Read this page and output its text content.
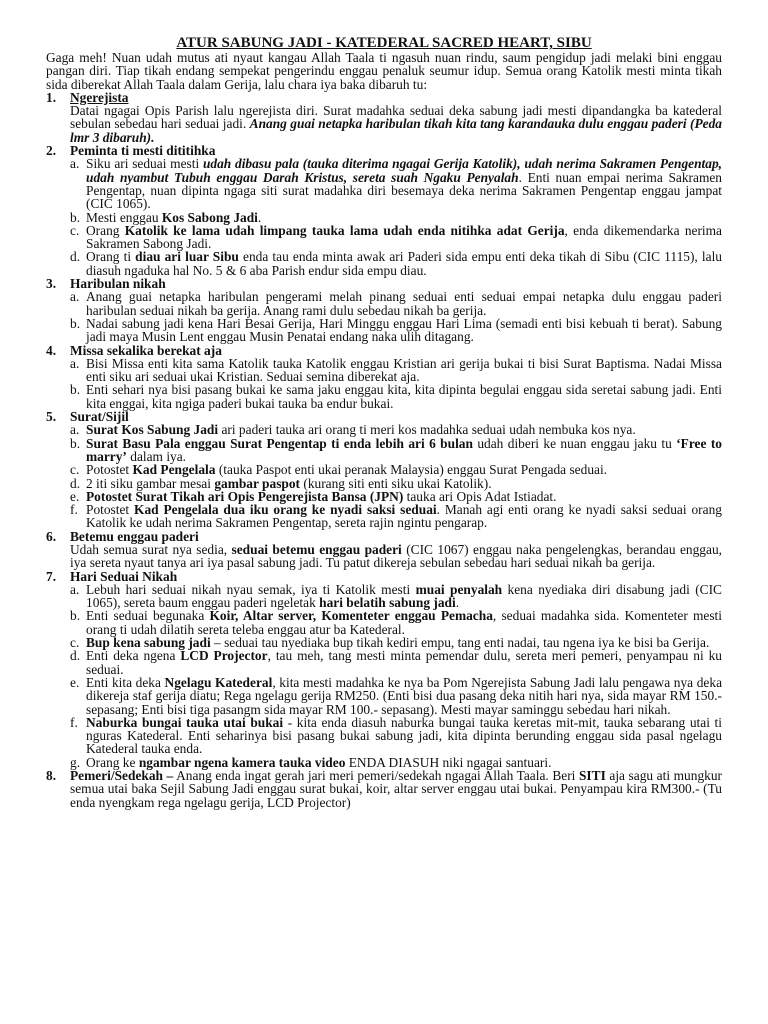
ATUR SABUNG JADI - KATEDERAL SACRED HEART, SIBU
Gaga meh! Nuan udah mutus ati nyaut kangau Allah Taala ti ngasuh nuan rindu, saum pengidup jadi melaki bini enggau pangan diri. Tiap tikah endang sempekat pengerindu enggau penaluk seumur idup. Semua orang Katolik mesti minta tikah sida diberekat Allah Taala dalam Gerija, lalu chara iya baka dibaruh tu:
1. Ngerejista
Datai ngagai Opis Parish lalu ngerejista diri. Surat madahka seduai deka sabung jadi mesti dipandangka ba katederal sebulan sebedau hari seduai jadi. Anang guai netapka haribulan tikah kita tang karandauka dulu enggau paderi (Peda lmr 3 dibaruh).
2. Peminta ti mesti dititihka
a. Siku ari seduai mesti udah dibasu pala (tauka diterima ngagai Gerija Katolik), udah nerima Sakramen Pengentap, udah nyambut Tubuh enggau Darah Kristus, sereta suah Ngaku Penyalah. Enti nuan empai nerima Sakramen Pengentap, nuan dipinta ngaga siti surat madahka diri besemaya deka nerima Sakramen Pengentap enggau jampat (CIC 1065).
b. Mesti enggau Kos Sabong Jadi.
c. Orang Katolik ke lama udah limpang tauka lama udah enda nitihka adat Gerija, enda dikemendarka nerima Sakramen Sabong Jadi.
d. Orang ti diau ari luar Sibu enda tau enda minta awak ari Paderi sida empu enti deka tikah di Sibu (CIC 1115), lalu diasuh ngaduka hal No. 5 & 6 aba Parish endur sida empu diau.
3. Haribulan nikah
a. Anang guai netapka haribulan pengerami melah pinang seduai enti seduai empai netapka dulu enggau paderi haribulan seduai nikah ba gerija. Anang rami dulu sebedau nikah ba gerija.
b. Nadai sabung jadi kena Hari Besai Gerija, Hari Minggu enggau Hari Lima (semadi enti bisi kebuah ti berat). Sabung jadi maya Musin Lent enggau Musin Penatai endang naka ulih ditagang.
4. Missa sekalika berekat aja
a. Bisi Missa enti kita sama Katolik tauka Katolik enggau Kristian ari gerija bukai ti bisi Surat Baptisma. Nadai Missa enti siku ari seduai ukai Kristian. Seduai semina diberekat aja.
b. Enti sehari nya bisi pasang bukai ke sama jaku enggau kita, kita dipinta begulai enggau sida seretai sabung jadi. Enti kita enggai, kita ngiga paderi bukai tauka ba endur bukai.
5. Surat/Sijil
a. Surat Kos Sabung Jadi ari paderi tauka ari orang ti meri kos madahka seduai udah nembuka kos nya.
b. Surat Basu Pala enggau Surat Pengentap ti enda lebih ari 6 bulan udah diberi ke nuan enggau jaku tu ‘Free to marry’ dalam iya.
c. Potostet Kad Pengelala (tauka Paspot enti ukai peranak Malaysia) enggau Surat Pengada seduai.
d. 2 iti siku gambar mesai gambar paspot (kurang siti enti siku ukai Katolik).
e. Potostet Surat Tikah ari Opis Pengerejista Bansa (JPN) tauka ari Opis Adat Istiadat.
f. Potostet Kad Pengelala dua iku orang ke nyadi saksi seduai. Manah agi enti orang ke nyadi saksi seduai orang Katolik ke udah nerima Sakramen Pengentap, sereta rajin ngintu pengarap.
6. Betemu enggau paderi
Udah semua surat nya sedia, seduai betemu enggau paderi (CIC 1067) enggau naka pengelengkas, berandau enggau, iya sereta nyaut tanya ari iya pasal sabung jadi. Tu patut dikereja sebulan sebedau hari seduai nikah ba gerija.
7. Hari Seduai Nikah
a. Lebuh hari seduai nikah nyau semak, iya ti Katolik mesti muai penyalah kena nyediaka diri disabung jadi (CIC 1065), sereta baum enggau paderi ngeletak hari belatih sabung jadi.
b. Enti seduai begunaka Koir, Altar server, Komenteter enggau Pemacha, seduai madahka sida. Komenteter mesti orang ti udah dilatih sereta teleba enggau atur ba Katederal.
c. Bup kena sabung jadi – seduai tau nyediaka bup tikah kediri empu, tang enti nadai, tau ngena iya ke bisi ba Gerija.
d. Enti deka ngena LCD Projector, tau meh, tang mesti minta pemendar dulu, sereta meri pemeri, penyampau ni ku seduai.
e. Enti kita deka Ngelagu Katederal, kita mesti madahka ke nya ba Pom Ngerejista Sabung Jadi lalu pengawa nya deka dikereja staf gerija diatu; Rega ngelagu gerija RM250. (Enti bisi dua pasang deka nitih hari nya, sida mayar RM 150.-sepasang; Enti bisi tiga pasangm sida mayar RM 100.- sepasang). Mesti mayar saminggu sebedau hari nikah.
f. Naburka bungai tauka utai bukai - kita enda diasuh naburka bungai tauka keretas mit-mit, tauka sebarang utai ti nguras Katederal. Enti seharinya bisi pasang bukai sabung jadi, kita dipinta berunding enggau sida pasal ngelagu Katederal tauka enda.
g. Orang ke ngambar ngena kamera tauka video ENDA DIASUH niki ngagai santuari.
8. Pemeri/Sedekah – Anang enda ingat gerah jari meri pemeri/sedekah ngagai Allah Taala. Beri SITI aja sagu ati mungkur semua utai baka Sejil Sabung Jadi enggau surat bukai, koir, altar server enggau utai bukai. Penyampau kira RM300.- (Tu enda nyengkam rega ngelagu gerija, LCD Projector)
